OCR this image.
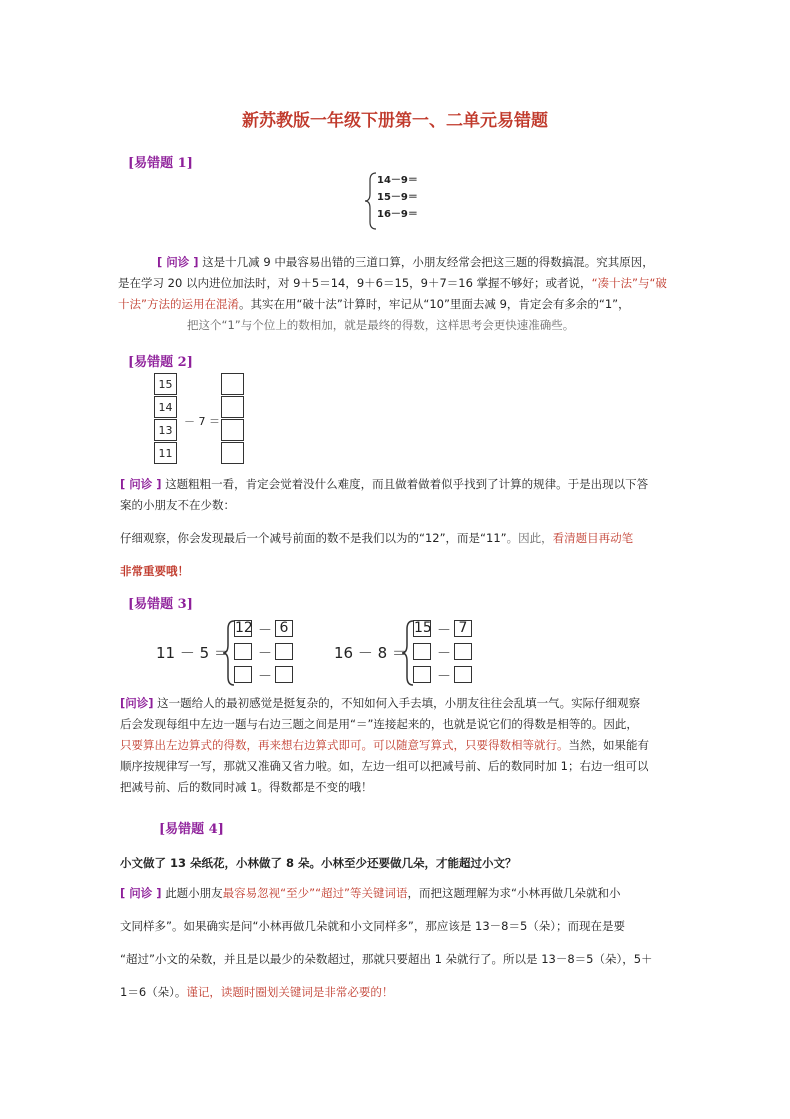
新苏教版一年级下册第一、二单元易错题
[易错题 1]
14－9＝
15－9＝
16－9＝
[ 问诊 ] 这是十几减 9 中最容易出错的三道口算，小朋友经常会把这三题的得数搞混。究其原因，
是在学习 20 以内进位加法时，对 9＋5＝14，9＋6＝15，9＋7＝16 掌握不够好；或者说，“凑十法”与“破
十法”方法的运用在混淆。其实在用“破十法”计算时，牢记从“10”里面去减 9，肯定会有多余的“1”，
把这个“1”与个位上的数相加，就是最终的得数，这样思考会更快速准确些。
[易错题 2]
15
14
13
11
－ 7 ＝
[ 问诊 ] 这题粗粗一看，肯定会觉着没什么难度，而且做着做着似乎找到了计算的规律。于是出现以下答
案的小朋友不在少数：
仔细观察，你会发现最后一个减号前面的数不是我们以为的“12”，而是“11”。因此，看清题目再动笔
非常重要哦！
[易错题 3]
11 － 5 ＝
12 － 6
－
－
16 － 8 ＝
15 － 7
－
－
[问诊] 这一题给人的最初感觉是挺复杂的，不知如何入手去填，小朋友往往会乱填一气。实际仔细观察
后会发现每组中左边一题与右边三题之间是用“＝”连接起来的，也就是说它们的得数是相等的。因此，
只要算出左边算式的得数，再来想右边算式即可。可以随意写算式，只要得数相等就行。当然，如果能有
顺序按规律写一写，那就又准确又省力啦。如，左边一组可以把减号前、后的数同时加 1；右边一组可以
把减号前、后的数同时减 1。得数都是不变的哦！
[易错题 4]
小文做了 13 朵纸花，小林做了 8 朵。小林至少还要做几朵，才能超过小文？
[ 问诊 ] 此题小朋友最容易忽视“至少”“超过”等关键词语，而把这题理解为求“小林再做几朵就和小
文同样多”。如果确实是问“小林再做几朵就和小文同样多”，那应该是 13－8＝5（朵）；而现在是要
“超过”小文的朵数，并且是以最少的朵数超过，那就只要超出 1 朵就行了。所以是 13－8＝5（朵），5＋
1＝6（朵）。谨记，读题时圈划关键词是非常必要的！
